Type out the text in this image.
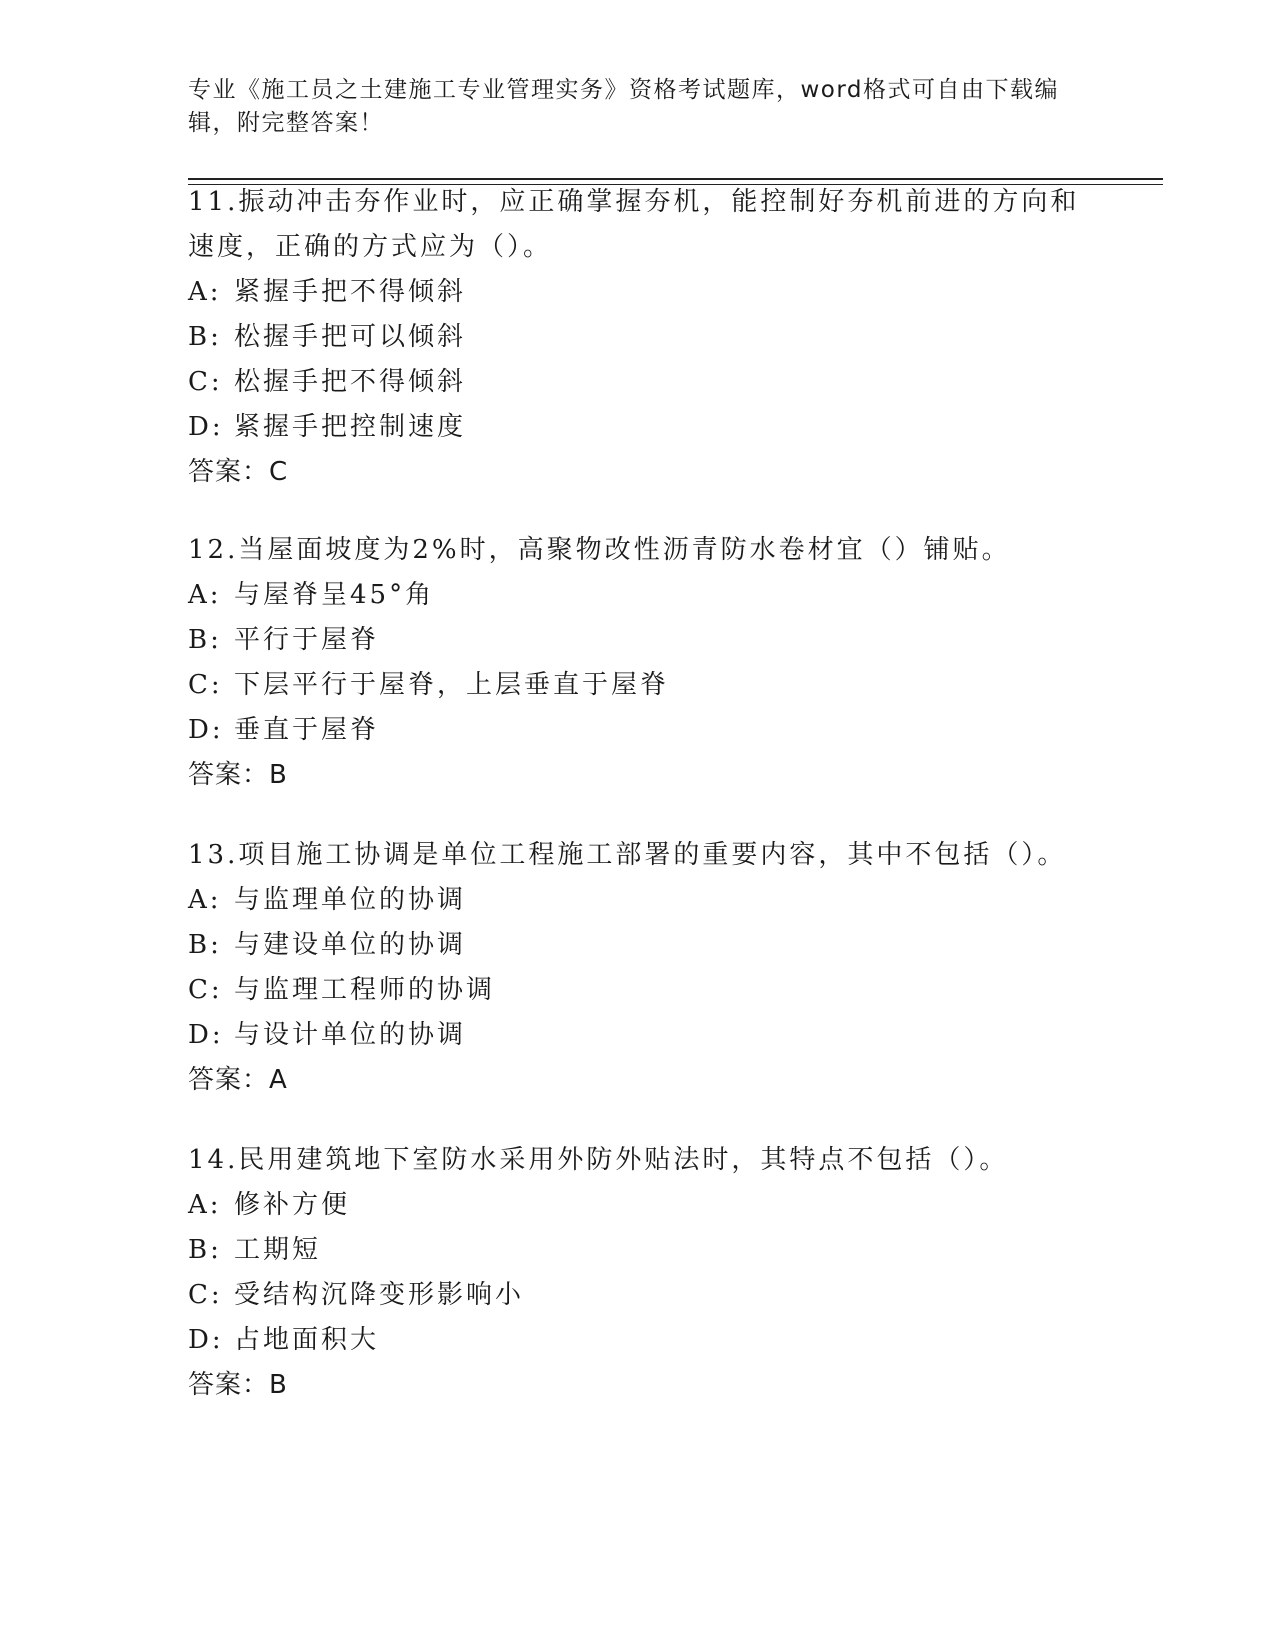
专业《施工员之土建施工专业管理实务》资格考试题库，word格式可自由下载编辑，附完整答案！

11.振动冲击夯作业时，应正确掌握夯机，能控制好夯机前进的方向和速度，正确的方式应为（）。

A: 紧握手把不得倾斜

B: 松握手把可以倾斜

C: 松握手把不得倾斜

D: 紧握手把控制速度

答案：C

12.当屋面坡度为2%时，高聚物改性沥青防水卷材宜（）铺贴。

A: 与屋脊呈45°角

B: 平行于屋脊

C: 下层平行于屋脊，上层垂直于屋脊

D: 垂直于屋脊

答案：B

13.项目施工协调是单位工程施工部署的重要内容，其中不包括（）。

A: 与监理单位的协调

B: 与建设单位的协调

C: 与监理工程师的协调

D: 与设计单位的协调

答案：A

14.民用建筑地下室防水采用外防外贴法时，其特点不包括（）。

A: 修补方便

B: 工期短

C: 受结构沉降变形影响小

D: 占地面积大

答案：B
